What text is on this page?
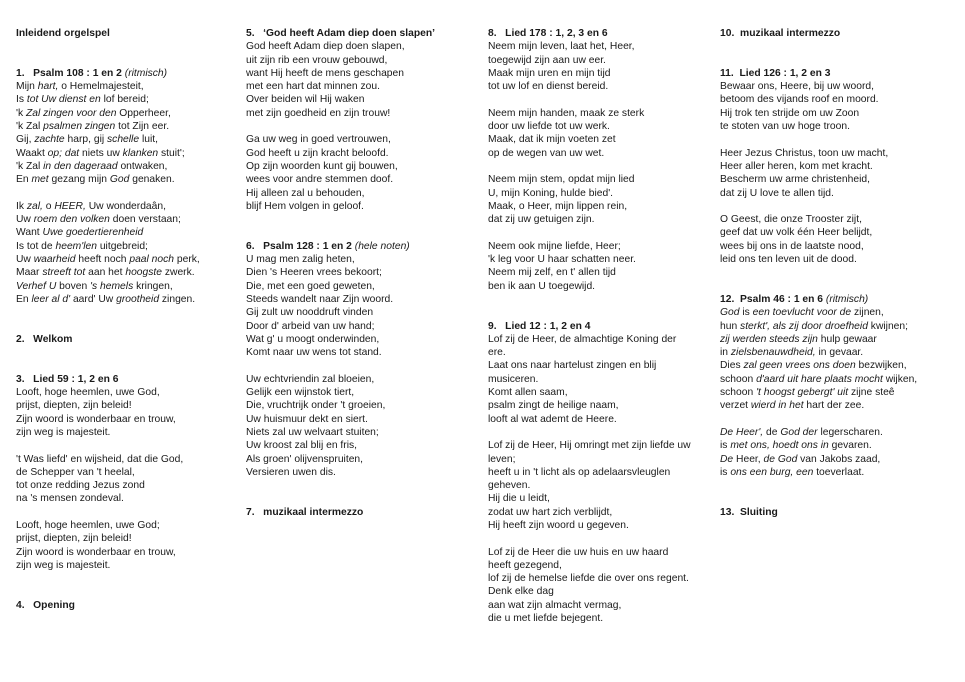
Inleidend orgelspel
1.   Psalm 108 : 1 en 2 (ritmisch)
Mijn hart, o Hemelmajesteit,
Is tot Uw dienst en lof bereid;
'k Zal zingen voor den Opperheer,
'k Zal psalmen zingen tot Zijn eer.
Gij, zachte harp, gij schelle luit,
Waakt op; dat niets uw klanken stuit';
'k Zal in den dageraad ontwaken,
En met gezang mijn God genaken.
Ik zal, o HEER, Uw wonderdaân,
Uw roem den volken doen verstaan;
Want Uwe goedertierenheid
Is tot de heem'len uitgebreid;
Uw waarheid heeft noch paal noch perk,
Maar streeft tot aan het hoogste zwerk.
Verhef U boven 's hemels kringen,
En leer al d' aard' Uw grootheid zingen.
2.   Welkom
3.   Lied 59 : 1, 2 en 6
Looft, hoge heemlen, uwe God,
prijst, diepten, zijn beleid!
Zijn woord is wonderbaar en trouw,
zijn weg is majesteit.
't Was liefd' en wijsheid, dat die God,
de Schepper van 't heelal,
tot onze redding Jezus zond
na 's mensen zondeval.
Looft, hoge heemlen, uwe God;
prijst, diepten, zijn beleid!
Zijn woord is wonderbaar en trouw,
zijn weg is majesteit.
4.   Opening
5.   ‘God heeft Adam diep doen slapen’
God heeft Adam diep doen slapen,
uit zijn rib een vrouw gebouwd,
want Hij heeft de mens geschapen
met een hart dat minnen zou.
Over beiden wil Hij waken
met zijn goedheid en zijn trouw!
Ga uw weg in goed vertrouwen,
God heeft u zijn kracht beloofd.
Op zijn woorden kunt gij bouwen,
wees voor andre stemmen doof.
Hij alleen zal u behouden,
blijf Hem volgen in geloof.
6.   Psalm 128 : 1 en 2 (hele noten)
U mag men zalig heten,
Dien 's Heeren vrees bekoort;
Die, met een goed geweten,
Steeds wandelt naar Zijn woord.
Gij zult uw nooddruft vinden
Door d' arbeid van uw hand;
Wat g' u moogt onderwinden,
Komt naar uw wens tot stand.
Uw echtvriendin zal bloeien,
Gelijk een wijnstok tiert,
Die, vruchtrijk onder 't groeien,
Uw huismuur dekt en siert.
Niets zal uw welvaart stuiten;
Uw kroost zal blij en fris,
Als groen' olijvenspruiten,
Versieren uwen dis.
7.   muzikaal intermezzo
8.   Lied 178 : 1, 2, 3 en 6
Neem mijn leven, laat het, Heer,
toegewijd zijn aan uw eer.
Maak mijn uren en mijn tijd
tot uw lof en dienst bereid.
Neem mijn handen, maak ze sterk
door uw liefde tot uw werk.
Maak, dat ik mijn voeten zet
op de wegen van uw wet.
Neem mijn stem, opdat mijn lied
U, mijn Koning, hulde bied'.
Maak, o Heer, mijn lippen rein,
dat zij uw getuigen zijn.
Neem ook mijne liefde, Heer;
'k leg voor U haar schatten neer.
Neem mij zelf, en t' allen tijd
ben ik aan U toegewijd.
9.   Lied 12 : 1, 2 en 4
Lof zij de Heer, de almachtige Koning der
ere.
Laat ons naar hartelust zingen en blij
musiceren.
Komt allen saam,
psalm zingt de heilige naam,
looft al wat ademt de Heere.
Lof zij de Heer, Hij omringt met zijn liefde uw
leven;
heeft u in 't licht als op adelaarsvleuglen
geheven.
Hij die u leidt,
zodat uw hart zich verblijdt,
Hij heeft zijn woord u gegeven.
Lof zij de Heer die uw huis en uw haard
heeft gezegend,
lof zij de hemelse liefde die over ons regent.
Denk elke dag
aan wat zijn almacht vermag,
die u met liefde bejegent.
10.  muzikaal intermezzo
11.  Lied 126 : 1, 2 en 3
Bewaar ons, Heere, bij uw woord,
betoom des vijands roof en moord.
Hij trok ten strijde om uw Zoon
te stoten van uw hoge troon.
Heer Jezus Christus, toon uw macht,
Heer aller heren, kom met kracht.
Bescherm uw arme christenheid,
dat zij U love te allen tijd.
O Geest, die onze Trooster zijt,
geef dat uw volk één Heer belijdt,
wees bij ons in de laatste nood,
leid ons ten leven uit de dood.
12.  Psalm 46 : 1 en 6 (ritmisch)
God is een toevlucht voor de zijnen,
hun sterkt', als zij door droefheid kwijnen;
zij werden steeds zijn hulp gewaar
in zielsbenauwdheid, in gevaar.
Dies zal geen vrees ons doen bezwijken,
schoon d'aard uit hare plaats mocht wijken,
schoon 't hoogst gebergt' uit zijne steê
verzet wierd in het hart der zee.
De Heer', de God der legerscharen.
is met ons, hoedt ons in gevaren.
De Heer, de God van Jakobs zaad,
is ons een burg, een toeverlaat.
13.  Sluiting
